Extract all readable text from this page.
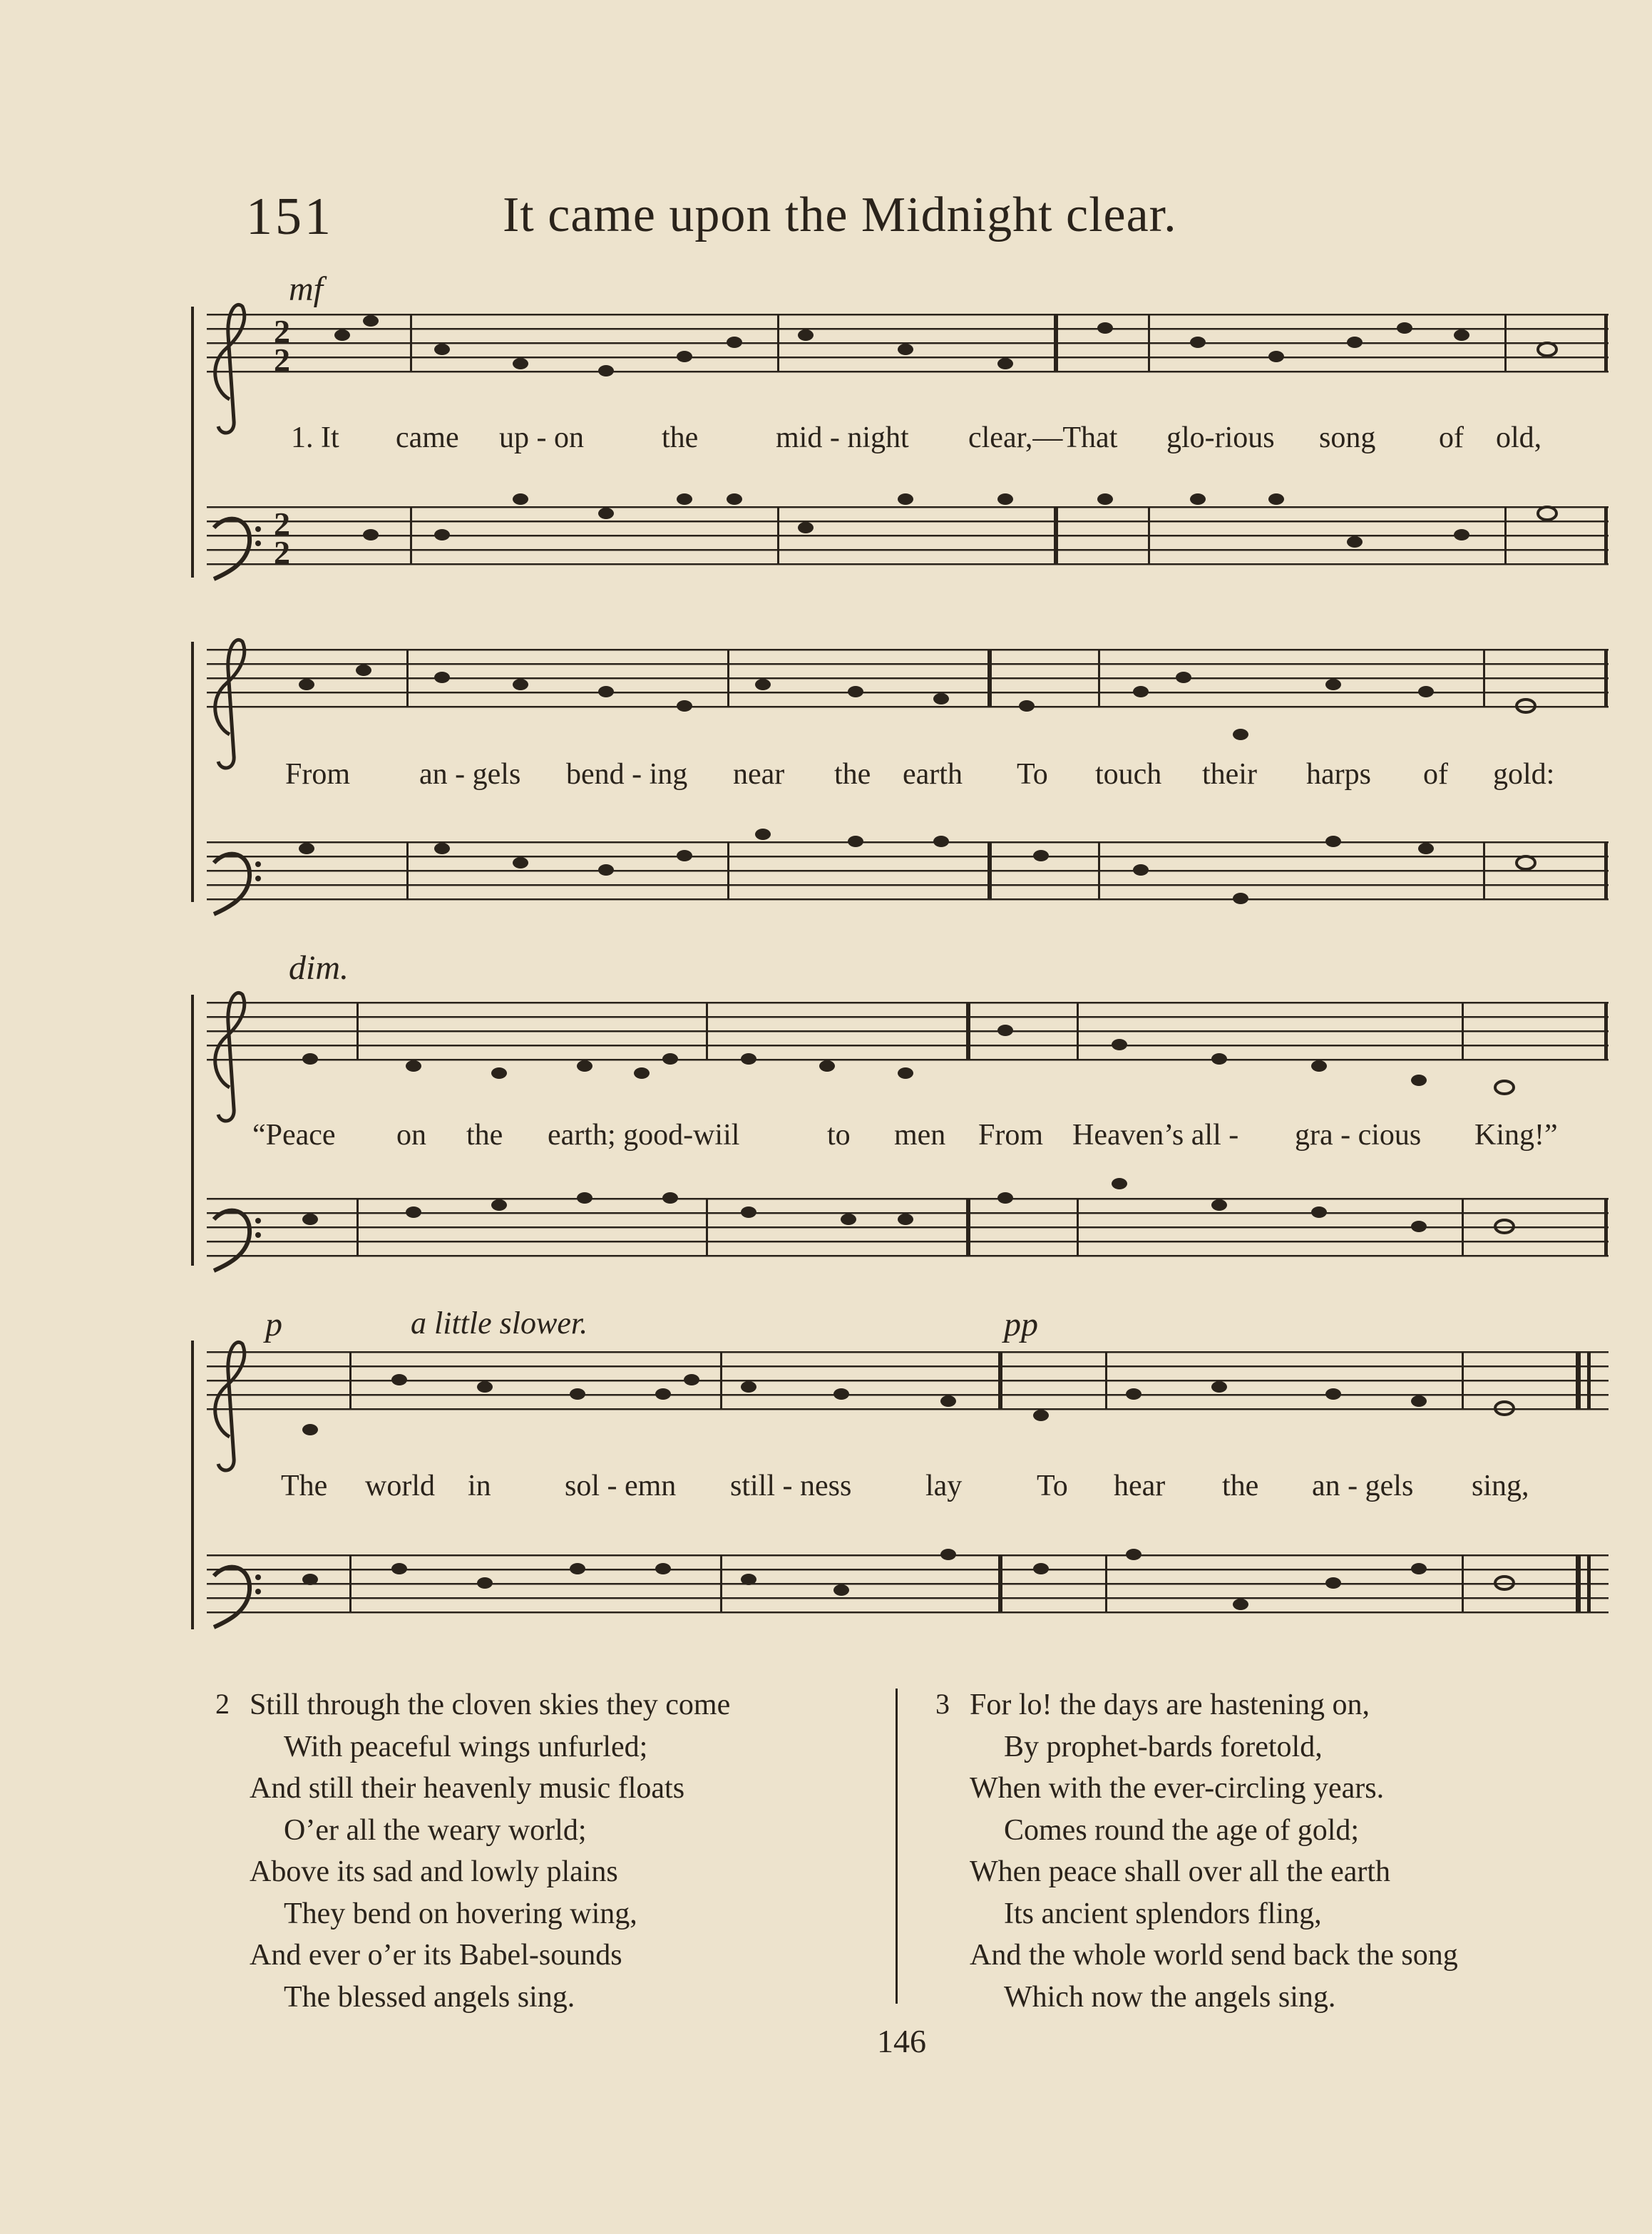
151	It came upon the Midnight clear.
mf
dim.
p	a little slower.	pp
2
2
2
2
1. It came up - on	the	mid - night clear,—That glo-rious song of old,
From an - gels bend - ing near the earth To touch their harps of gold:
“Peace on the earth; good-wiil	to men From Heaven’s all - gra - cious King!”
The world in sol - emn still - ness lay To hear the an - gels sing,
2 Still through the cloven skies they come
With peaceful wings unfurled;
And still their heavenly music floats
O’er all the weary world;
Above its sad and lowly plains
They bend on hovering wing,
And ever o’er its Babel-sounds
The blessed angels sing.
3 For lo! the days are hastening on,
By prophet-bards foretold,
When with the ever-circling years.
Comes round the age of gold;
When peace shall over all the earth
Its ancient splendors fling,
And the whole world send back the song
Which now the angels sing.
146
